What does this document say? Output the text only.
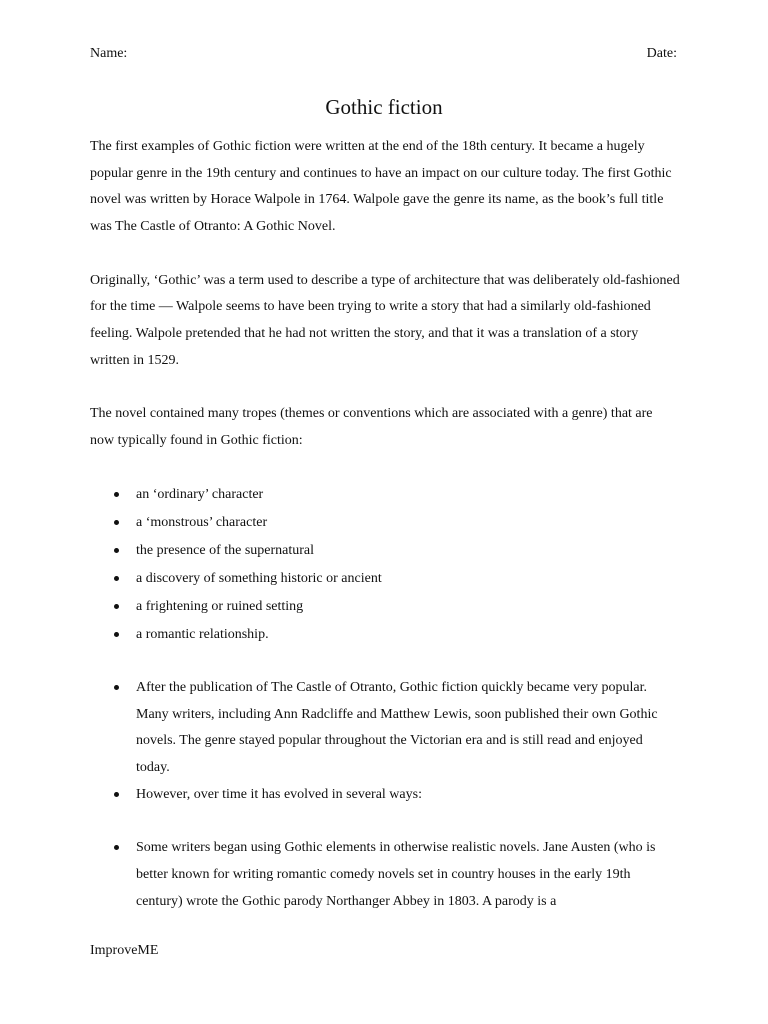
Name:	Date:
Gothic fiction

The first examples of Gothic fiction were written at the end of the 18th century. It became a hugely popular genre in the 19th century and continues to have an impact on our culture today. The first Gothic novel was written by Horace Walpole in 1764. Walpole gave the genre its name, as the book’s full title was The Castle of Otranto: A Gothic Novel.

Originally, ‘Gothic’ was a term used to describe a type of architecture that was deliberately old-fashioned for the time — Walpole seems to have been trying to write a story that had a similarly old-fashioned feeling. Walpole pretended that he had not written the story, and that it was a translation of a story written in 1529.

The novel contained many tropes (themes or conventions which are associated with a genre) that are now typically found in Gothic fiction:

an ‘ordinary’ character
a ‘monstrous’ character
the presence of the supernatural
a discovery of something historic or ancient
a frightening or ruined setting
a romantic relationship.
After the publication of The Castle of Otranto, Gothic fiction quickly became very popular. Many writers, including Ann Radcliffe and Matthew Lewis, soon published their own Gothic novels. The genre stayed popular throughout the Victorian era and is still read and enjoyed today.
However, over time it has evolved in several ways:
Some writers began using Gothic elements in otherwise realistic novels. Jane Austen (who is better known for writing romantic comedy novels set in country houses in the early 19th century) wrote the Gothic parody Northanger Abbey in 1803. A parody is a
ImproveME
